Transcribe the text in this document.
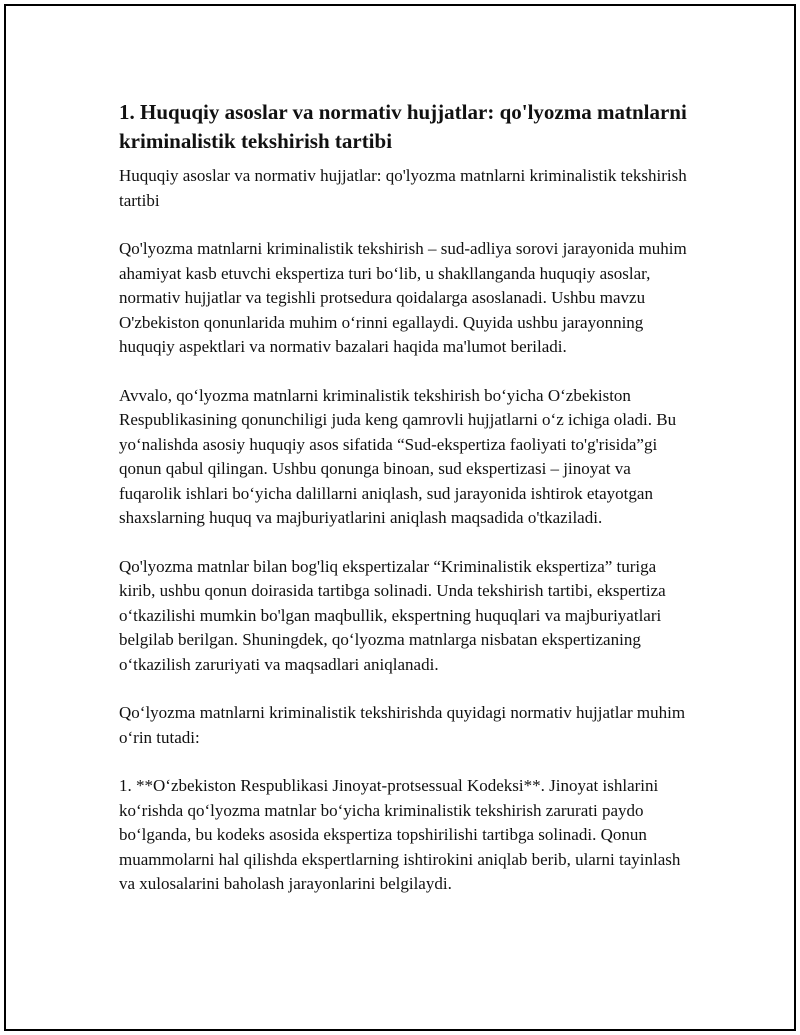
1. Huquqiy asoslar va normativ hujjatlar: qo'lyozma matnlarni kriminalistik tekshirish tartibi

Huquqiy asoslar va normativ hujjatlar: qo'lyozma matnlarni kriminalistik tekshirish tartibi

Qo'lyozma matnlarni kriminalistik tekshirish – sud-adliya sorovi jarayonida muhim ahamiyat kasb etuvchi ekspertiza turi bo‘lib, u shakllanganda huquqiy asoslar, normativ hujjatlar va tegishli protsedura qoidalarga asoslanadi. Ushbu mavzu O'zbekiston qonunlarida muhim o‘rinni egallaydi. Quyida ushbu jarayonning huquqiy aspektlari va normativ bazalari haqida ma'lumot beriladi.

Avvalo, qo‘lyozma matnlarni kriminalistik tekshirish bo‘yicha O‘zbekiston Respublikasining qonunchiligi juda keng qamrovli hujjatlarni o‘z ichiga oladi. Bu yo‘nalishda asosiy huquqiy asos sifatida “Sud-ekspertiza faoliyati to'g'risida”gi qonun qabul qilingan. Ushbu qonunga binoan, sud ekspertizasi – jinoyat va fuqarolik ishlari bo‘yicha dalillarni aniqlash, sud jarayonida ishtirok etayotgan shaxslarning huquq va majburiyatlarini aniqlash maqsadida o'tkaziladi.

Qo'lyozma matnlar bilan bog'liq ekspertizalar “Kriminalistik ekspertiza” turiga kirib, ushbu qonun doirasida tartibga solinadi. Unda tekshirish tartibi, ekspertiza o‘tkazilishi mumkin bo'lgan maqbullik, ekspertning huquqlari va majburiyatlari belgilab berilgan. Shuningdek, qo‘lyozma matnlarga nisbatan ekspertizaning o‘tkazilish zaruriyati va maqsadlari aniqlanadi.

Qo‘lyozma matnlarni kriminalistik tekshirishda quyidagi normativ hujjatlar muhim o‘rin tutadi:

1. **O‘zbekiston Respublikasi Jinoyat-protsessual Kodeksi**. Jinoyat ishlarini ko‘rishda qo‘lyozma matnlar bo‘yicha kriminalistik tekshirish zarurati paydo bo‘lganda, bu kodeks asosida ekspertiza topshirilishi tartibga solinadi. Qonun muammolarni hal qilishda ekspertlarning ishtirokini aniqlab berib, ularni tayinlash va xulosalarini baholash jarayonlarini belgilaydi.
